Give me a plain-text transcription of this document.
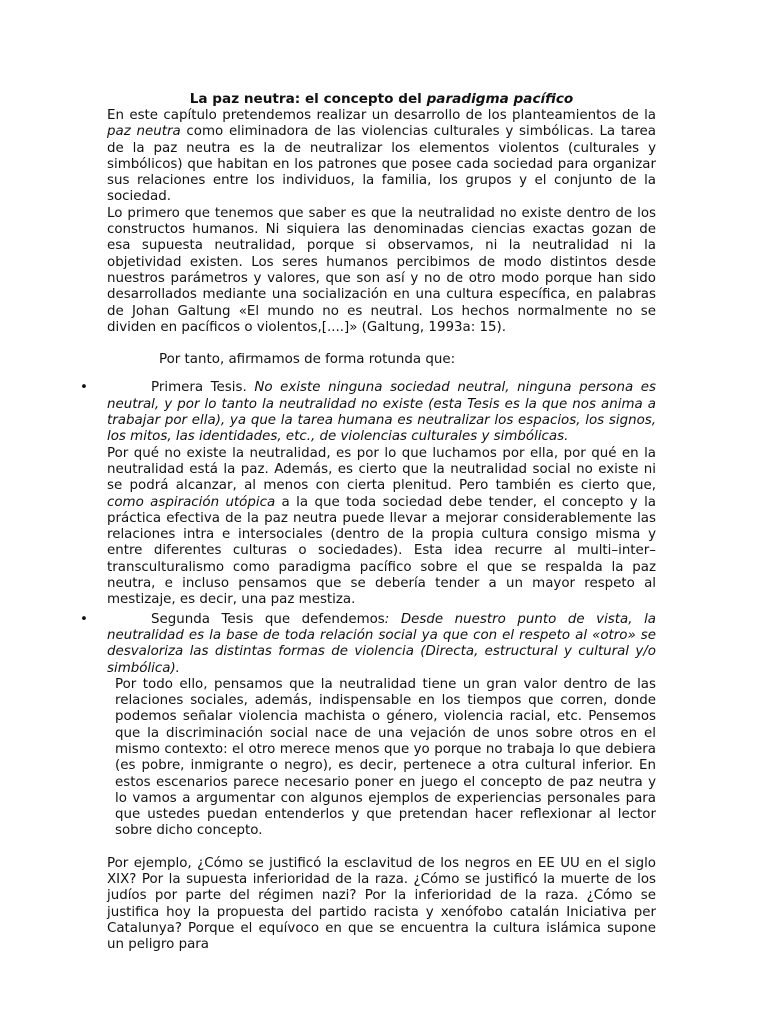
La paz neutra: el concepto del paradigma pacífico

En este capítulo pretendemos realizar un desarrollo de los planteamientos de la paz neutra como eliminadora de las violencias culturales y simbólicas. La tarea de la paz neutra es la de neutralizar los elementos violentos (culturales y simbólicos) que habitan en los patrones que posee cada sociedad para organizar sus relaciones entre los individuos, la familia, los grupos y el conjunto de la sociedad.

Lo primero que tenemos que saber es que la neutralidad no existe dentro de los constructos humanos. Ni siquiera las denominadas ciencias exactas gozan de esa supuesta neutralidad, porque si observamos, ni la neutralidad ni la objetividad existen. Los seres humanos percibimos de modo distintos desde nuestros parámetros y valores, que son así y no de otro modo porque han sido desarrollados mediante una socialización en una cultura específica, en palabras de Johan Galtung «El mundo no es neutral. Los hechos normalmente no se dividen en pacíficos o violentos,[....]» (Galtung, 1993a: 15).

Por tanto, afirmamos de forma rotunda que:

•	Primera Tesis. No existe ninguna sociedad neutral, ninguna persona es neutral, y por lo tanto la neutralidad no existe (esta Tesis es la que nos anima a trabajar por ella), ya que la tarea humana es neutralizar los espacios, los signos, los mitos, las identidades, etc., de violencias culturales y simbólicas.

Por qué no existe la neutralidad, es por lo que luchamos por ella, por qué en la neutralidad está la paz. Además, es cierto que la neutralidad social no existe ni se podrá alcanzar, al menos con cierta plenitud. Pero también es cierto que, como aspiración utópica a la que toda sociedad debe tender, el concepto y la práctica efectiva de la paz neutra puede llevar a mejorar considerablemente las relaciones intra e intersociales (dentro de la propia cultura consigo misma y entre diferentes culturas o sociedades). Esta idea recurre al multi–inter–transculturalismo como paradigma pacífico sobre el que se respalda la paz neutra, e incluso pensamos que se debería tender a un mayor respeto al mestizaje, es decir, una paz mestiza.

•	Segunda Tesis que defendemos: Desde nuestro punto de vista, la neutralidad es la base de toda relación social ya que con el respeto al «otro» se desvaloriza las distintas formas de violencia (Directa, estructural y cultural y/o simbólica).

Por todo ello, pensamos que la neutralidad tiene un gran valor dentro de las relaciones sociales, además, indispensable en los tiempos que corren, donde podemos señalar violencia machista o género, violencia racial, etc. Pensemos que la discriminación social nace de una vejación de unos sobre otros en el mismo contexto: el otro merece menos que yo porque no trabaja lo que debiera (es pobre, inmigrante o negro), es decir, pertenece a otra cultural inferior. En estos escenarios parece necesario poner en juego el concepto de paz neutra y lo vamos a argumentar con algunos ejemplos de experiencias personales para que ustedes puedan entenderlos y que pretendan hacer reflexionar al lector sobre dicho concepto.

Por ejemplo, ¿Cómo se justificó la esclavitud de los negros en EE UU en el siglo XIX? Por la supuesta inferioridad de la raza. ¿Cómo se justificó la muerte de los judíos por parte del régimen nazi? Por la inferioridad de la raza. ¿Cómo se justifica hoy la propuesta del partido racista y xenófobo catalán Iniciativa per Catalunya? Porque el equívoco en que se encuentra la cultura islámica supone un peligro para
